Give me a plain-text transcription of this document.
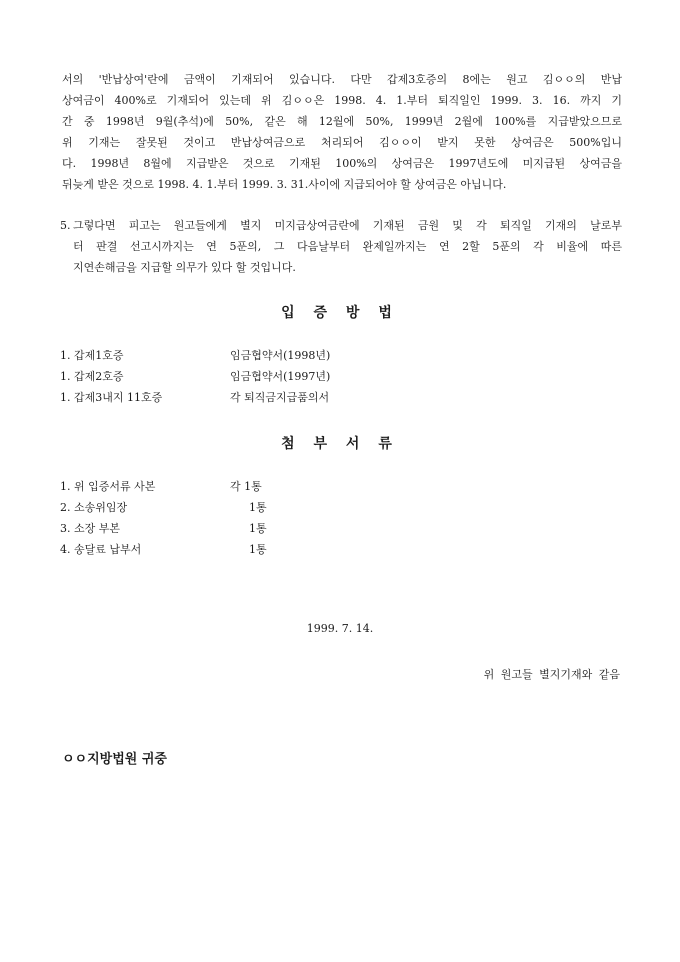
서의 '반납상여'란에 금액이 기재되어 있습니다. 다만 갑제3호증의 8에는 원고 김ㅇㅇ의 반납
상여금이 400%로 기재되어 있는데 위 김ㅇㅇ은 1998. 4. 1.부터 퇴직일인 1999. 3. 16. 까지 기
간 중 1998년 9월(추석)에 50%, 같은 해 12월에 50%, 1999년 2월에 100%를 지급받았으므로
위 기재는 잘못된 것이고 반납상여금으로 처리되어 김ㅇㅇ이 받지 못한 상여금은 500%입니
다. 1998년 8월에 지급받은 것으로 기재된 100%의 상여금은 1997년도에 미지급된 상여금을
뒤늦게 받은 것으로 1998. 4. 1.부터 1999. 3. 31.사이에 지급되어야 할 상여금은 아닙니다.
5. 그렇다면 피고는 원고들에게 별지 미지급상여금란에 기재된 금원 및 각 퇴직일 기재의 날로부
터 판결 선고시까지는 연 5푼의, 그 다음날부터 완제일까지는 연 2할 5푼의 각 비율에 따른
지연손해금을 지급할 의무가 있다 할 것입니다.
입 증 방 법
1. 갑제1호증	임금협약서(1998년)
1. 갑제2호증	임금협약서(1997년)
1. 갑제3내지 11호증	각 퇴직금지급품의서
첨 부 서 류
1. 위 입증서류 사본	각 1통
2. 소송위임장	1통
3. 소장 부본	1통
4. 송달료 납부서	1통
1999. 7. 14.
위 원고들 별지기재와 같음
ㅇㅇ지방법원 귀중
